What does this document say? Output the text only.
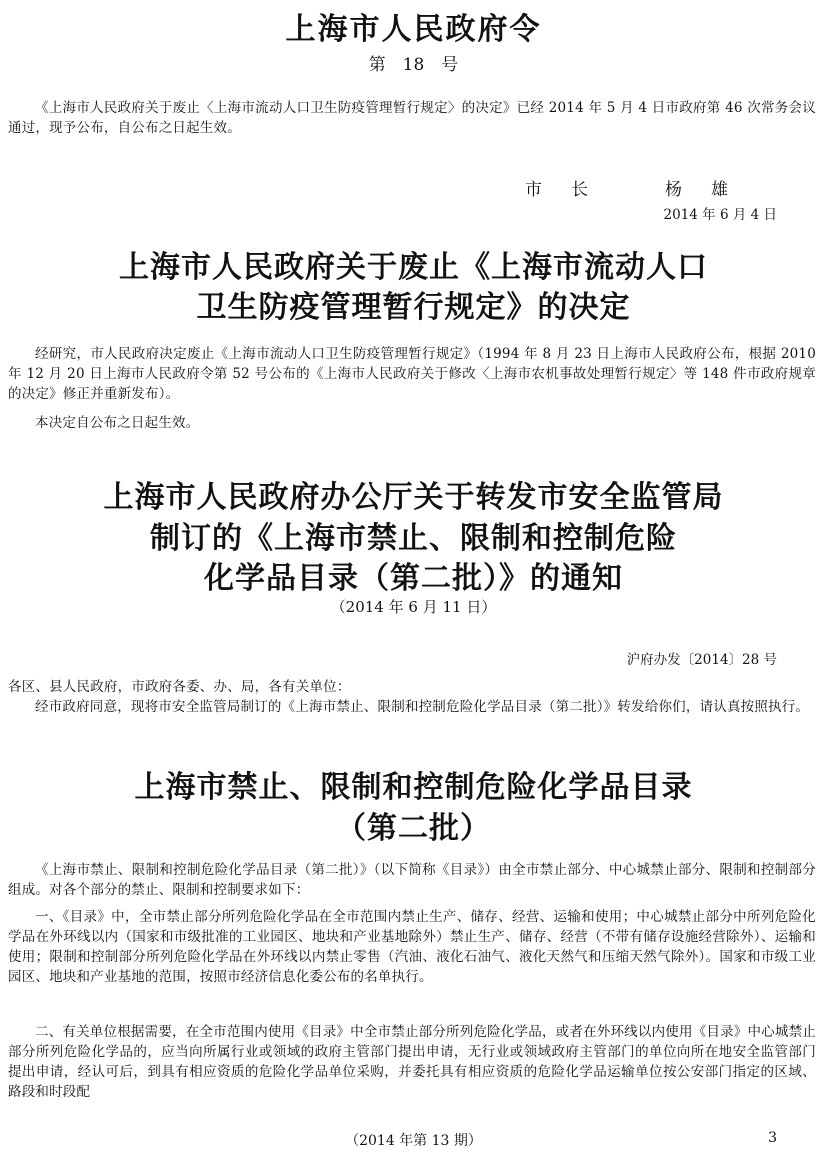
上海市人民政府令
第　18　号
《上海市人民政府关于废止〈上海市流动人口卫生防疫管理暂行规定〉的决定》已经 2014 年 5 月 4 日市政府第 46 次常务会议通过，现予公布，自公布之日起生效。
市　长	杨　雄
2014 年 6 月 4 日
上海市人民政府关于废止《上海市流动人口
卫生防疫管理暂行规定》的决定
经研究，市人民政府决定废止《上海市流动人口卫生防疫管理暂行规定》（1994 年 8 月 23 日上海市人民政府公布，根据 2010 年 12 月 20 日上海市人民政府令第 52 号公布的《上海市人民政府关于修改〈上海市农机事故处理暂行规定〉等 148 件市政府规章的决定》修正并重新发布）。
本决定自公布之日起生效。
上海市人民政府办公厅关于转发市安全监管局
制订的《上海市禁止、限制和控制危险
化学品目录（第二批）》的通知
（2014 年 6 月 11 日）
沪府办发〔2014〕28 号
各区、县人民政府，市政府各委、办、局，各有关单位：
经市政府同意，现将市安全监管局制订的《上海市禁止、限制和控制危险化学品目录（第二批）》转发给你们，请认真按照执行。
上海市禁止、限制和控制危险化学品目录
（第二批）
《上海市禁止、限制和控制危险化学品目录（第二批）》（以下简称《目录》）由全市禁止部分、中心城禁止部分、限制和控制部分组成。对各个部分的禁止、限制和控制要求如下：
一、《目录》中，全市禁止部分所列危险化学品在全市范围内禁止生产、储存、经营、运输和使用；中心城禁止部分中所列危险化学品在外环线以内（国家和市级批准的工业园区、地块和产业基地除外）禁止生产、储存、经营（不带有储存设施经营除外）、运输和使用；限制和控制部分所列危险化学品在外环线以内禁止零售（汽油、液化石油气、液化天然气和压缩天然气除外）。国家和市级工业园区、地块和产业基地的范围，按照市经济信息化委公布的名单执行。
二、有关单位根据需要，在全市范围内使用《目录》中全市禁止部分所列危险化学品，或者在外环线以内使用《目录》中心城禁止部分所列危险化学品的，应当向所属行业或领域的政府主管部门提出申请，无行业或领域政府主管部门的单位向所在地安全监管部门提出申请，经认可后，到具有相应资质的危险化学品单位采购，并委托具有相应资质的危险化学品运输单位按公安部门指定的区域、路段和时段配
（2014 年第 13 期）	3
